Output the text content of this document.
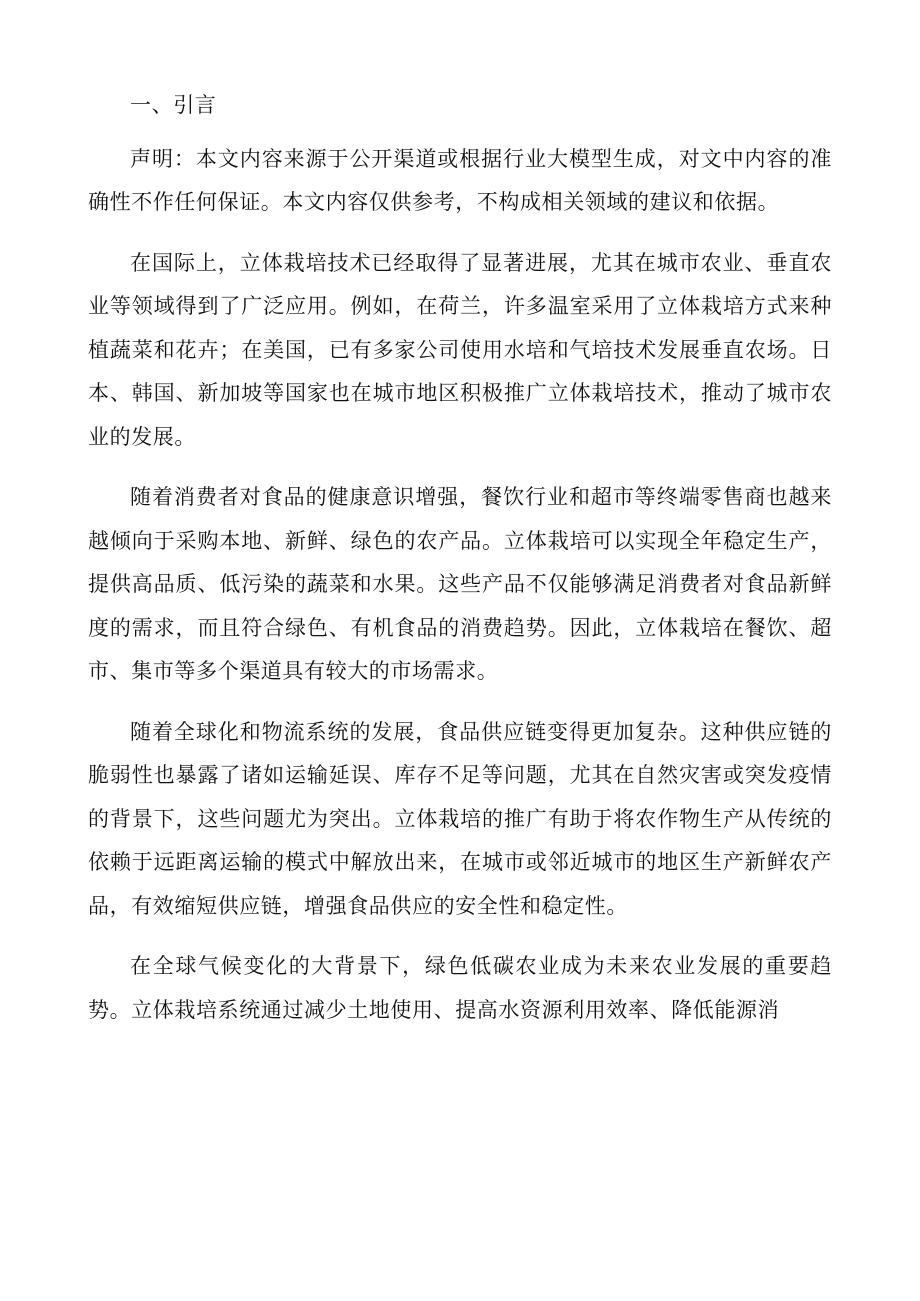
一、引言

声明：本文内容来源于公开渠道或根据行业大模型生成，对文中内容的准确性不作任何保证。本文内容仅供参考，不构成相关领域的建议和依据。

在国际上，立体栽培技术已经取得了显著进展，尤其在城市农业、垂直农业等领域得到了广泛应用。例如，在荷兰，许多温室采用了立体栽培方式来种植蔬菜和花卉；在美国，已有多家公司使用水培和气培技术发展垂直农场。日本、韩国、新加坡等国家也在城市地区积极推广立体栽培技术，推动了城市农业的发展。

随着消费者对食品的健康意识增强，餐饮行业和超市等终端零售商也越来越倾向于采购本地、新鲜、绿色的农产品。立体栽培可以实现全年稳定生产，提供高品质、低污染的蔬菜和水果。这些产品不仅能够满足消费者对食品新鲜度的需求，而且符合绿色、有机食品的消费趋势。因此，立体栽培在餐饮、超市、集市等多个渠道具有较大的市场需求。

随着全球化和物流系统的发展，食品供应链变得更加复杂。这种供应链的脆弱性也暴露了诸如运输延误、库存不足等问题，尤其在自然灾害或突发疫情的背景下，这些问题尤为突出。立体栽培的推广有助于将农作物生产从传统的依赖于远距离运输的模式中解放出来，在城市或邻近城市的地区生产新鲜农产品，有效缩短供应链，增强食品供应的安全性和稳定性。

在全球气候变化的大背景下，绿色低碳农业成为未来农业发展的重要趋势。立体栽培系统通过减少土地使用、提高水资源利用效率、降低能源消
